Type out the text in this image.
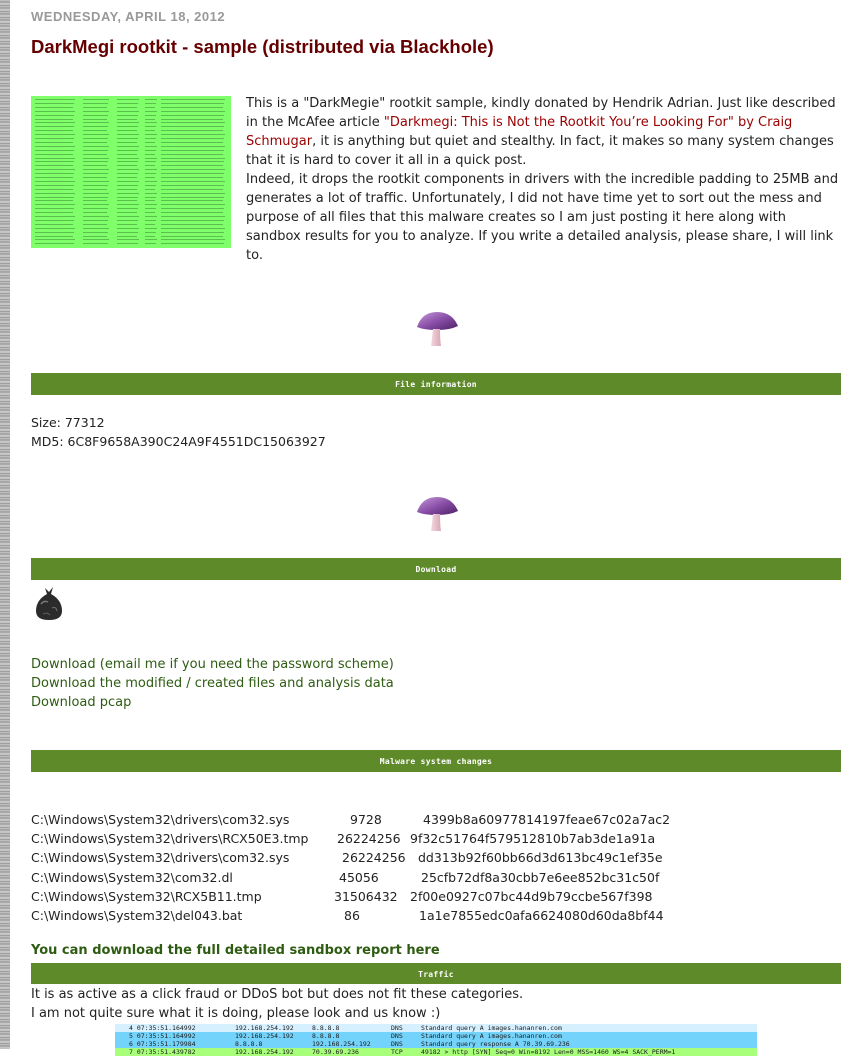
WEDNESDAY, APRIL 18, 2012
DarkMegi rootkit - sample (distributed via Blackhole)
This is a "DarkMegie" rootkit sample, kindly donated by Hendrik Adrian. Just like described in the McAfee article "Darkmegi: This is Not the Rootkit You’re Looking For" by Craig Schmugar, it is anything but quiet and stealthy. In fact, it makes so many system changes that it is hard to cover it all in a quick post.
Indeed, it drops the rootkit components in drivers with the incredible padding to 25MB and generates a lot of traffic. Unfortunately, I did not have time yet to sort out the mess and purpose of all files that this malware creates so I am just posting it here along with sandbox results for you to analyze. If you write a detailed analysis, please share, I will link to.
File information
Size: 77312
MD5: 6C8F9658A390C24A9F4551DC15063927
Download
Download (email me if you need the password scheme)
Download the modified / created files and analysis data
Download pcap
Malware system changes
C:\Windows\System32\drivers\com32.sys	9728	4399b8a60977814197feae67c02a7ac2
C:\Windows\System32\drivers\RCX50E3.tmp 26224256 9f32c51764f579512810b7ab3de1a91a
C:\Windows\System32\drivers\com32.sys	26224256 dd313b92f60bb66d3d613bc49c1ef35e
C:\Windows\System32\com32.dl	45056	25cfb72df8a30cbb7e6ee852bc31c50f
C:\Windows\System32\RCX5B11.tmp	31506432 2f00e0927c07bc44d9b79ccbe567f398
C:\Windows\System32\del043.bat	86	1a1e7855edc0afa6624080d60da8bf44
You can download the full detailed sandbox report here
Traffic
It is as active as a click fraud or DDoS bot but does not fit these categories.
I am not quite sure what it is doing, please look and us know :)
4 07:35:51.164992	192.168.254.192	8.8.8.8	DNS	Standard query A images.hananren.com
5 07:35:51.164992	192.168.254.192	8.8.8.8	DNS	Standard query A images.hananren.com
6 07:35:51.179984	8.8.8.8	192.168.254.192	DNS	Standard query response A 70.39.69.236
7 07:35:51.439782	192.168.254.192	70.39.69.236	TCP	49182 > http [SYN] Seq=0 Win=8192 Len=0 MSS=1460 WS=4 SACK_PERM=1
